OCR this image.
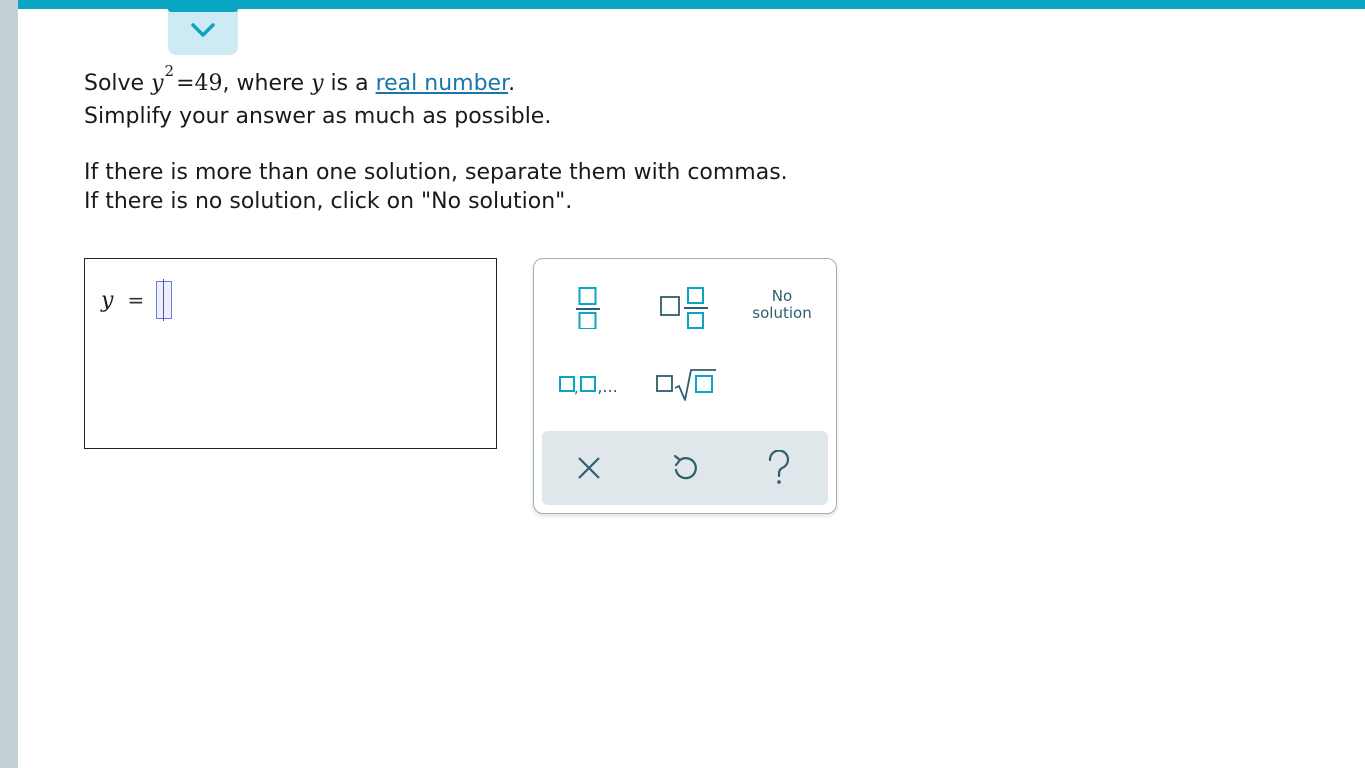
Solve $y^2=49$, where y is a real number.
Simplify your answer as much as possible.
If there is more than one solution, separate them with commas.
If there is no solution, click on "No solution".
y =	No
solution
, ,...
